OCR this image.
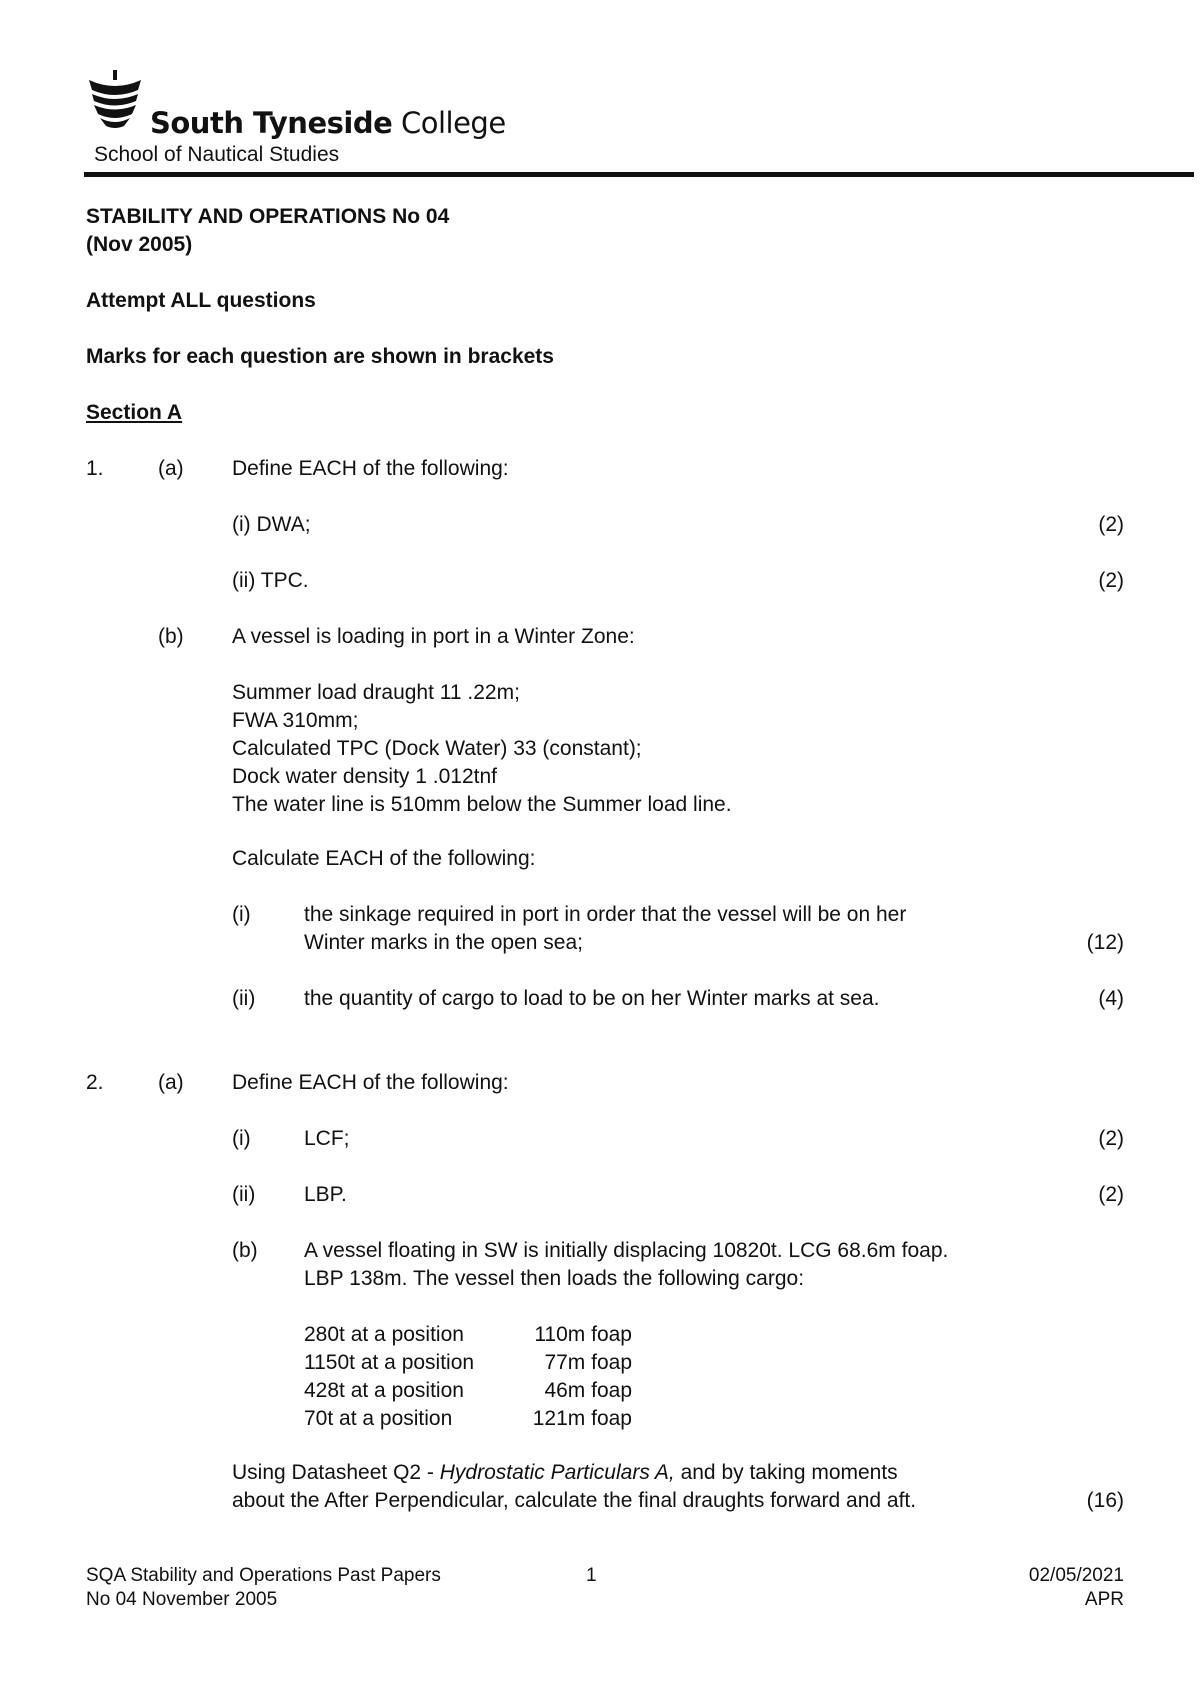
South Tyneside College
School of Nautical Studies
STABILITY AND OPERATIONS No 04
(Nov 2005)
Attempt ALL questions
Marks for each question are shown in brackets
Section A
1.	(a) Define EACH of the following:
(i) DWA;	(2)
(ii) TPC.	(2)
(b) A vessel is loading in port in a Winter Zone:
Summer load draught 11 .22m;
FWA 310mm;
Calculated TPC (Dock Water) 33 (constant);
Dock water density 1 .012tnf
The water line is 510mm below the Summer load line.
Calculate EACH of the following:
(i)	the sinkage required in port in order that the vessel will be on her
Winter marks in the open sea;	(12)
(ii) the quantity of cargo to load to be on her Winter marks at sea.	(4)
2.	(a) Define EACH of the following:
(i)	LCF;	(2)
(ii) LBP.	(2)
(b) A vessel floating in SW is initially displacing 10820t. LCG 68.6m foap.
LBP 138m. The vessel then loads the following cargo:
280t at a position	110m foap
1150t at a position	77m foap
428t at a position	46m foap
70t at a position	121m foap
Using Datasheet Q2 - Hydrostatic Particulars A, and by taking moments
about the After Perpendicular, calculate the final draughts forward and aft.	(16)
SQA Stability and Operations Past Papers
No 04 November 2005
1	02/05/2021
APR
